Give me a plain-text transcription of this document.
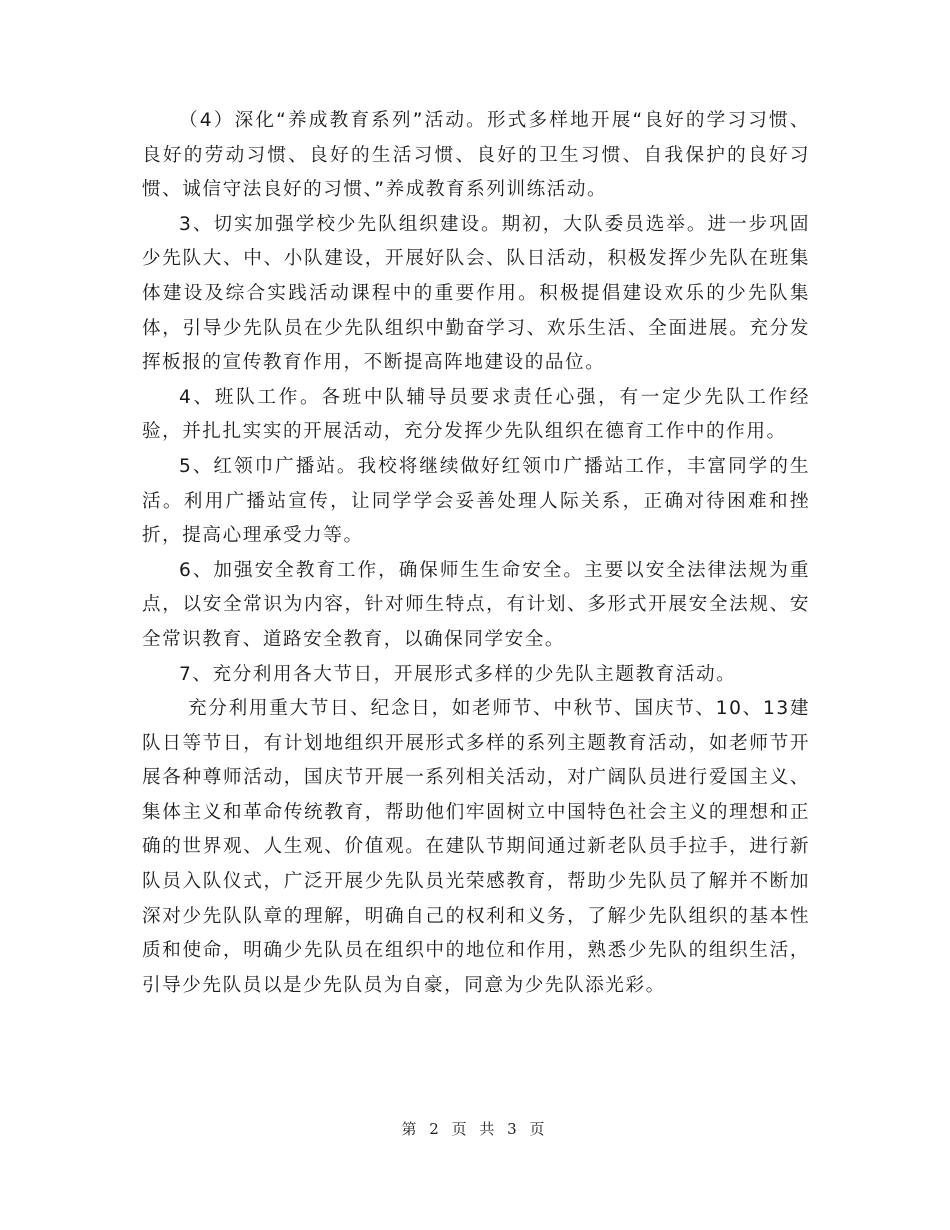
（4）深化“养成教育系列”活动。形式多样地开展“良好的学习习惯、良好的劳动习惯、良好的生活习惯、良好的卫生习惯、自我保护的良好习惯、诚信守法良好的习惯、”养成教育系列训练活动。

3、切实加强学校少先队组织建设。期初，大队委员选举。进一步巩固少先队大、中、小队建设，开展好队会、队日活动，积极发挥少先队在班集体建设及综合实践活动课程中的重要作用。积极提倡建设欢乐的少先队集体，引导少先队员在少先队组织中勤奋学习、欢乐生活、全面进展。充分发挥板报的宣传教育作用，不断提高阵地建设的品位。

4、班队工作。各班中队辅导员要求责任心强，有一定少先队工作经验，并扎扎实实的开展活动，充分发挥少先队组织在德育工作中的作用。

5、红领巾广播站。我校将继续做好红领巾广播站工作，丰富同学的生活。利用广播站宣传，让同学学会妥善处理人际关系，正确对待困难和挫折，提高心理承受力等。

6、加强安全教育工作，确保师生生命安全。主要以安全法律法规为重点，以安全常识为内容，针对师生特点，有计划、多形式开展安全法规、安全常识教育、道路安全教育，以确保同学安全。

7、充分利用各大节日，开展形式多样的少先队主题教育活动。

充分利用重大节日、纪念日，如老师节、中秋节、国庆节、10、13建队日等节日，有计划地组织开展形式多样的系列主题教育活动，如老师节开展各种尊师活动，国庆节开展一系列相关活动，对广阔队员进行爱国主义、集体主义和革命传统教育，帮助他们牢固树立中国特色社会主义的理想和正确的世界观、人生观、价值观。在建队节期间通过新老队员手拉手，进行新队员入队仪式，广泛开展少先队员光荣感教育，帮助少先队员了解并不断加深对少先队队章的理解，明确自己的权利和义务，了解少先队组织的基本性质和使命，明确少先队员在组织中的地位和作用，熟悉少先队的组织生活，引导少先队员以是少先队员为自豪，同意为少先队添光彩。

第 2 页 共 3 页
